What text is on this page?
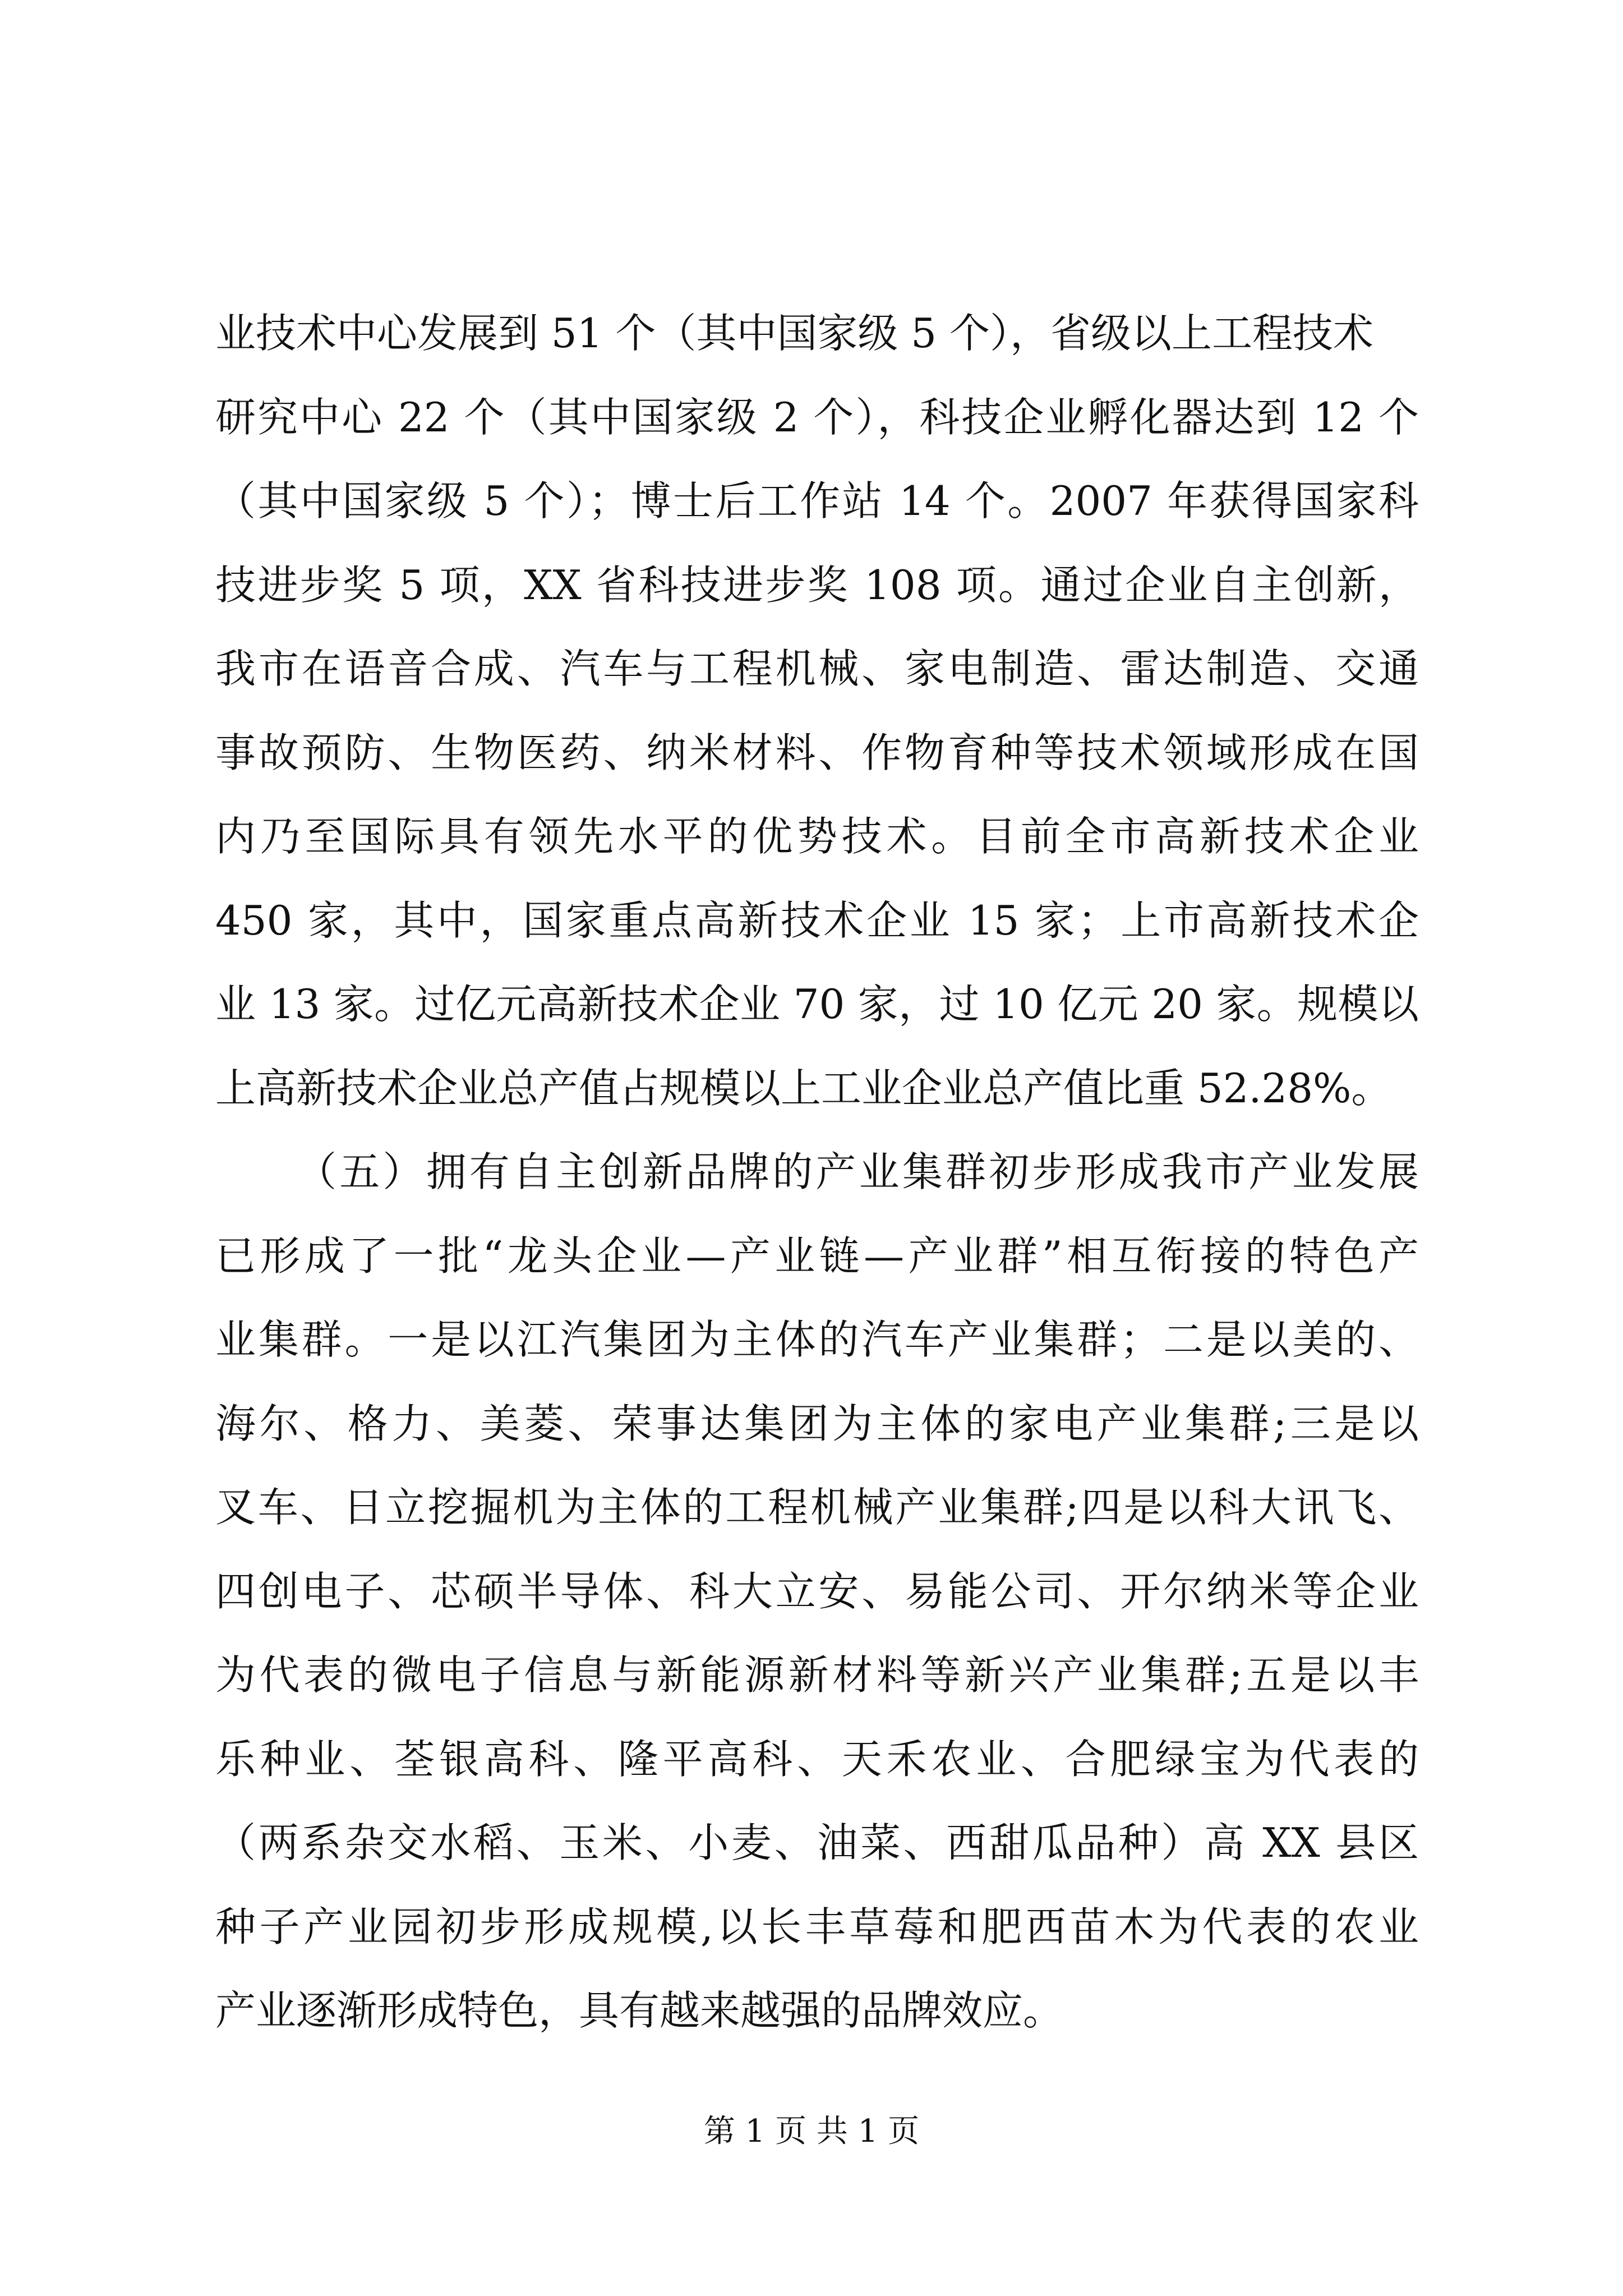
业技术中心发展到 51 个（其中国家级 5 个），省级以上工程技术
研究中心 22 个（其中国家级 2 个），科技企业孵化器达到 12 个
（其中国家级 5 个）；博士后工作站 14 个。2007 年获得国家科
技进步奖 5 项，XX 省科技进步奖 108 项。通过企业自主创新，
我市在语音合成、汽车与工程机械、家电制造、雷达制造、交通
事故预防、生物医药、纳米材料、作物育种等技术领域形成在国
内乃至国际具有领先水平的优势技术。目前全市高新技术企业
450 家，其中，国家重点高新技术企业 15 家；上市高新技术企
业 13 家。过亿元高新技术企业 70 家，过 10 亿元 20 家。规模以
上高新技术企业总产值占规模以上工业企业总产值比重 52.28%。
（五）拥有自主创新品牌的产业集群初步形成我市产业发展
已形成了一批“龙头企业—产业链—产业群”相互衔接的特色产
业集群。一是以江汽集团为主体的汽车产业集群；二是以美的、
海尔、格力、美菱、荣事达集团为主体的家电产业集群;三是以
叉车、日立挖掘机为主体的工程机械产业集群;四是以科大讯飞、
四创电子、芯硕半导体、科大立安、易能公司、开尔纳米等企业
为代表的微电子信息与新能源新材料等新兴产业集群;五是以丰
乐种业、荃银高科、隆平高科、天禾农业、合肥绿宝为代表的
（两系杂交水稻、玉米、小麦、油菜、西甜瓜品种）高 XX 县区
种子产业园初步形成规模,以长丰草莓和肥西苗木为代表的农业
产业逐渐形成特色，具有越来越强的品牌效应。
第 1 页 共 1 页
